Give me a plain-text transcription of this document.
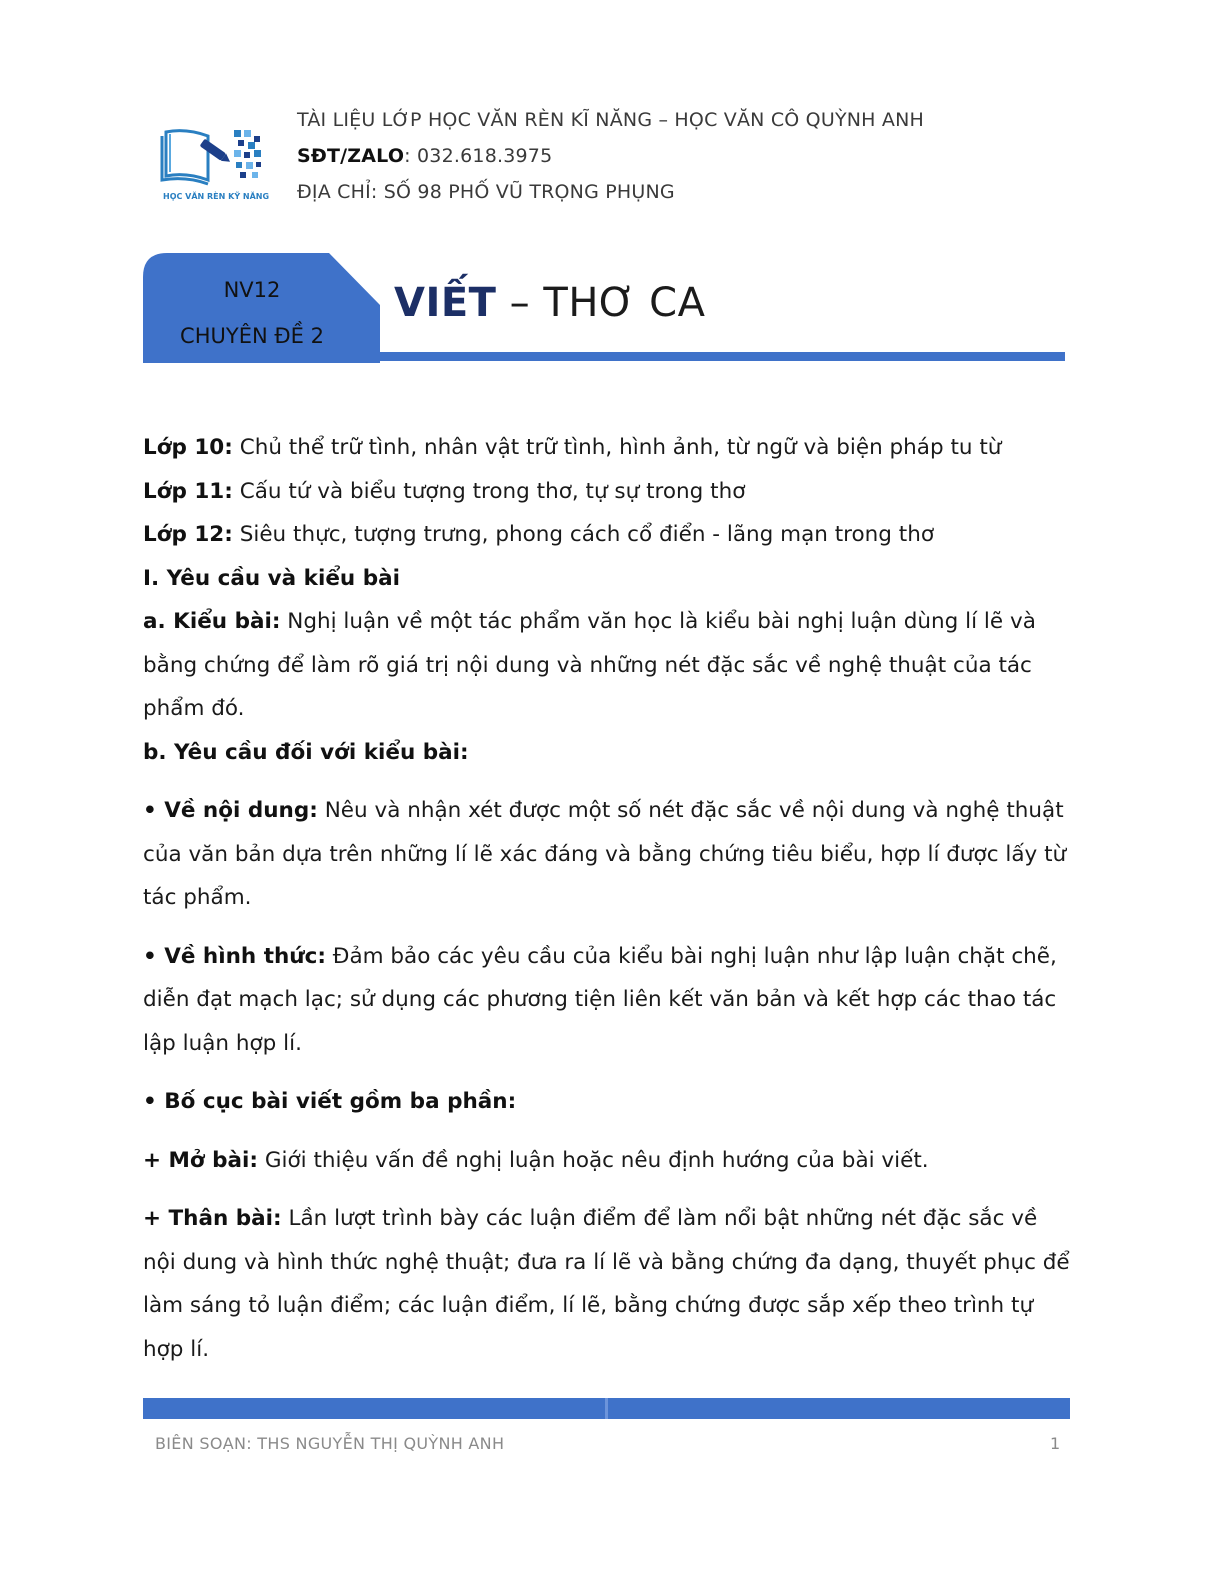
HỌC VĂN RÈN KỸ NĂNG
TÀI LIỆU LỚP HỌC VĂN RÈN KĨ NĂNG – HỌC VĂN CÔ QUỲNH ANH
SĐT/ZALO: 032.618.3975
ĐỊA CHỈ: SỐ 98 PHỐ VŨ TRỌNG PHỤNG
NV12
CHUYÊN ĐỀ 2
VIẾT – THƠ CA

Lớp 10: Chủ thể trữ tình, nhân vật trữ tình, hình ảnh, từ ngữ và biện pháp tu từ

Lớp 11: Cấu tứ và biểu tượng trong thơ, tự sự trong thơ

Lớp 12: Siêu thực, tượng trưng, phong cách cổ điển - lãng mạn trong thơ

I. Yêu cầu và kiểu bài

a. Kiểu bài: Nghị luận về một tác phẩm văn học là kiểu bài nghị luận dùng lí lẽ và bằng chứng để làm rõ giá trị nội dung và những nét đặc sắc về nghệ thuật của tác phẩm đó.

b. Yêu cầu đối với kiểu bài:

• Về nội dung: Nêu và nhận xét được một số nét đặc sắc về nội dung và nghệ thuật của văn bản dựa trên những lí lẽ xác đáng và bằng chứng tiêu biểu, hợp lí được lấy từ tác phẩm.

• Về hình thức: Đảm bảo các yêu cầu của kiểu bài nghị luận như lập luận chặt chẽ, diễn đạt mạch lạc; sử dụng các phương tiện liên kết văn bản và kết hợp các thao tác lập luận hợp lí.

• Bố cục bài viết gồm ba phần:

+ Mở bài: Giới thiệu vấn đề nghị luận hoặc nêu định hướng của bài viết.

+ Thân bài: Lần lượt trình bày các luận điểm để làm nổi bật những nét đặc sắc về nội dung và hình thức nghệ thuật; đưa ra lí lẽ và bằng chứng đa dạng, thuyết phục để làm sáng tỏ luận điểm; các luận điểm, lí lẽ, bằng chứng được sắp xếp theo trình tự hợp lí.

BIÊN SOẠN: THS NGUYỄN THỊ QUỲNH ANH	1
